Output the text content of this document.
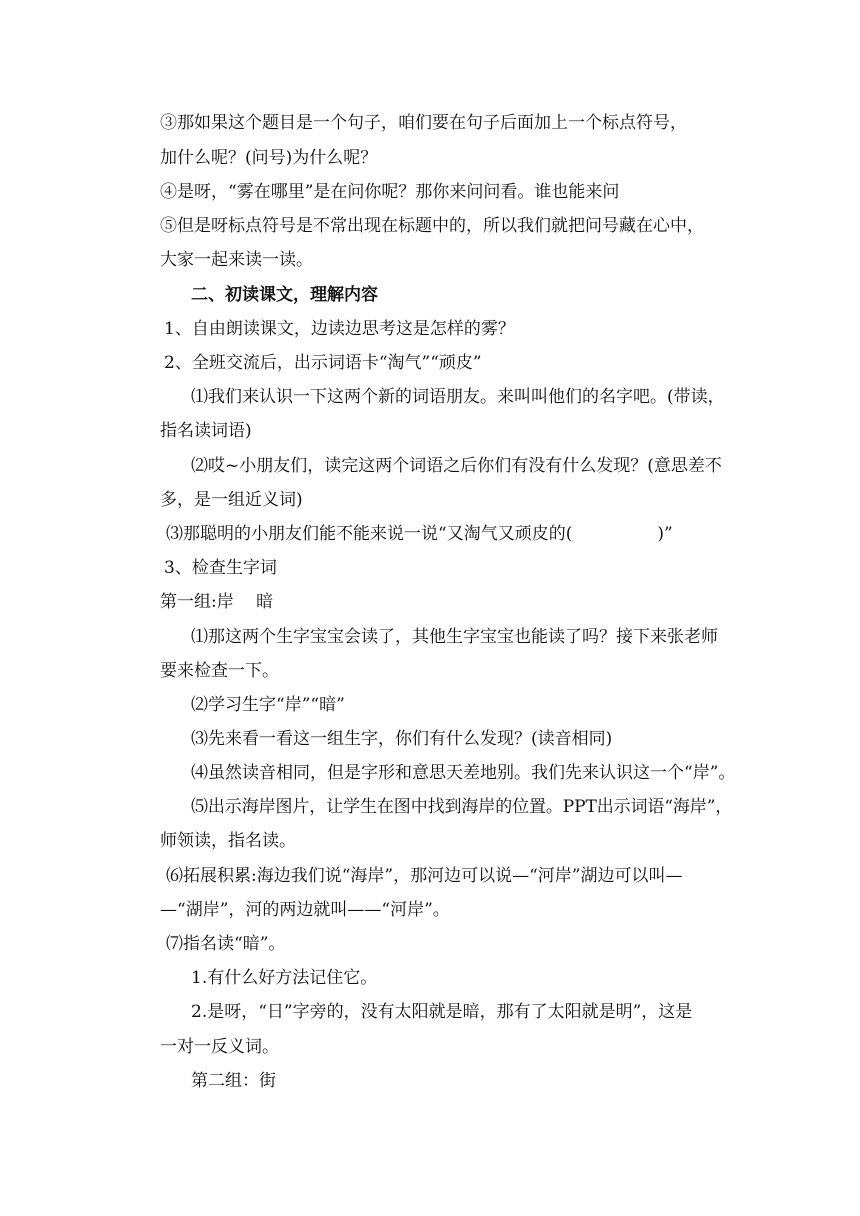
③那如果这个题目是一个句子，咱们要在句子后面加上一个标点符号，
加什么呢？(问号)为什么呢？
④是呀，“雾在哪里”是在问你呢？那你来问问看。谁也能来问
⑤但是呀标点符号是不常出现在标题中的，所以我们就把问号藏在心中，
大家一起来读一读。
二、初读课文，理解内容
1、自由朗读课文，边读边思考这是怎样的雾？
2、全班交流后，出示词语卡“淘气”“顽皮”
⑴我们来认识一下这两个新的词语朋友。来叫叫他们的名字吧。(带读，
指名读词语)
⑵哎~小朋友们，读完这两个词语之后你们有没有什么发现？(意思差不
多，是一组近义词)
⑶那聪明的小朋友们能不能来说一说“又淘气又顽皮的(　　　　　)”
3、检查生字词
第一组:岸　 暗
⑴那这两个生字宝宝会读了，其他生字宝宝也能读了吗？接下来张老师
要来检查一下。
⑵学习生字“岸”“暗”
⑶先来看一看这一组生字，你们有什么发现？(读音相同)
⑷虽然读音相同，但是字形和意思天差地别。我们先来认识这一个“岸”。
⑸出示海岸图片，让学生在图中找到海岸的位置。PPT出示词语“海岸”，
师领读，指名读。
⑹拓展积累:海边我们说“海岸”，那河边可以说—“河岸”湖边可以叫—
—“湖岸”，河的两边就叫——“河岸”。
⑺指名读“暗”。
1.有什么好方法记住它。
2.是呀，“日”字旁的，没有太阳就是暗，那有了太阳就是明”，这是
一对一反义词。
第二组：街
